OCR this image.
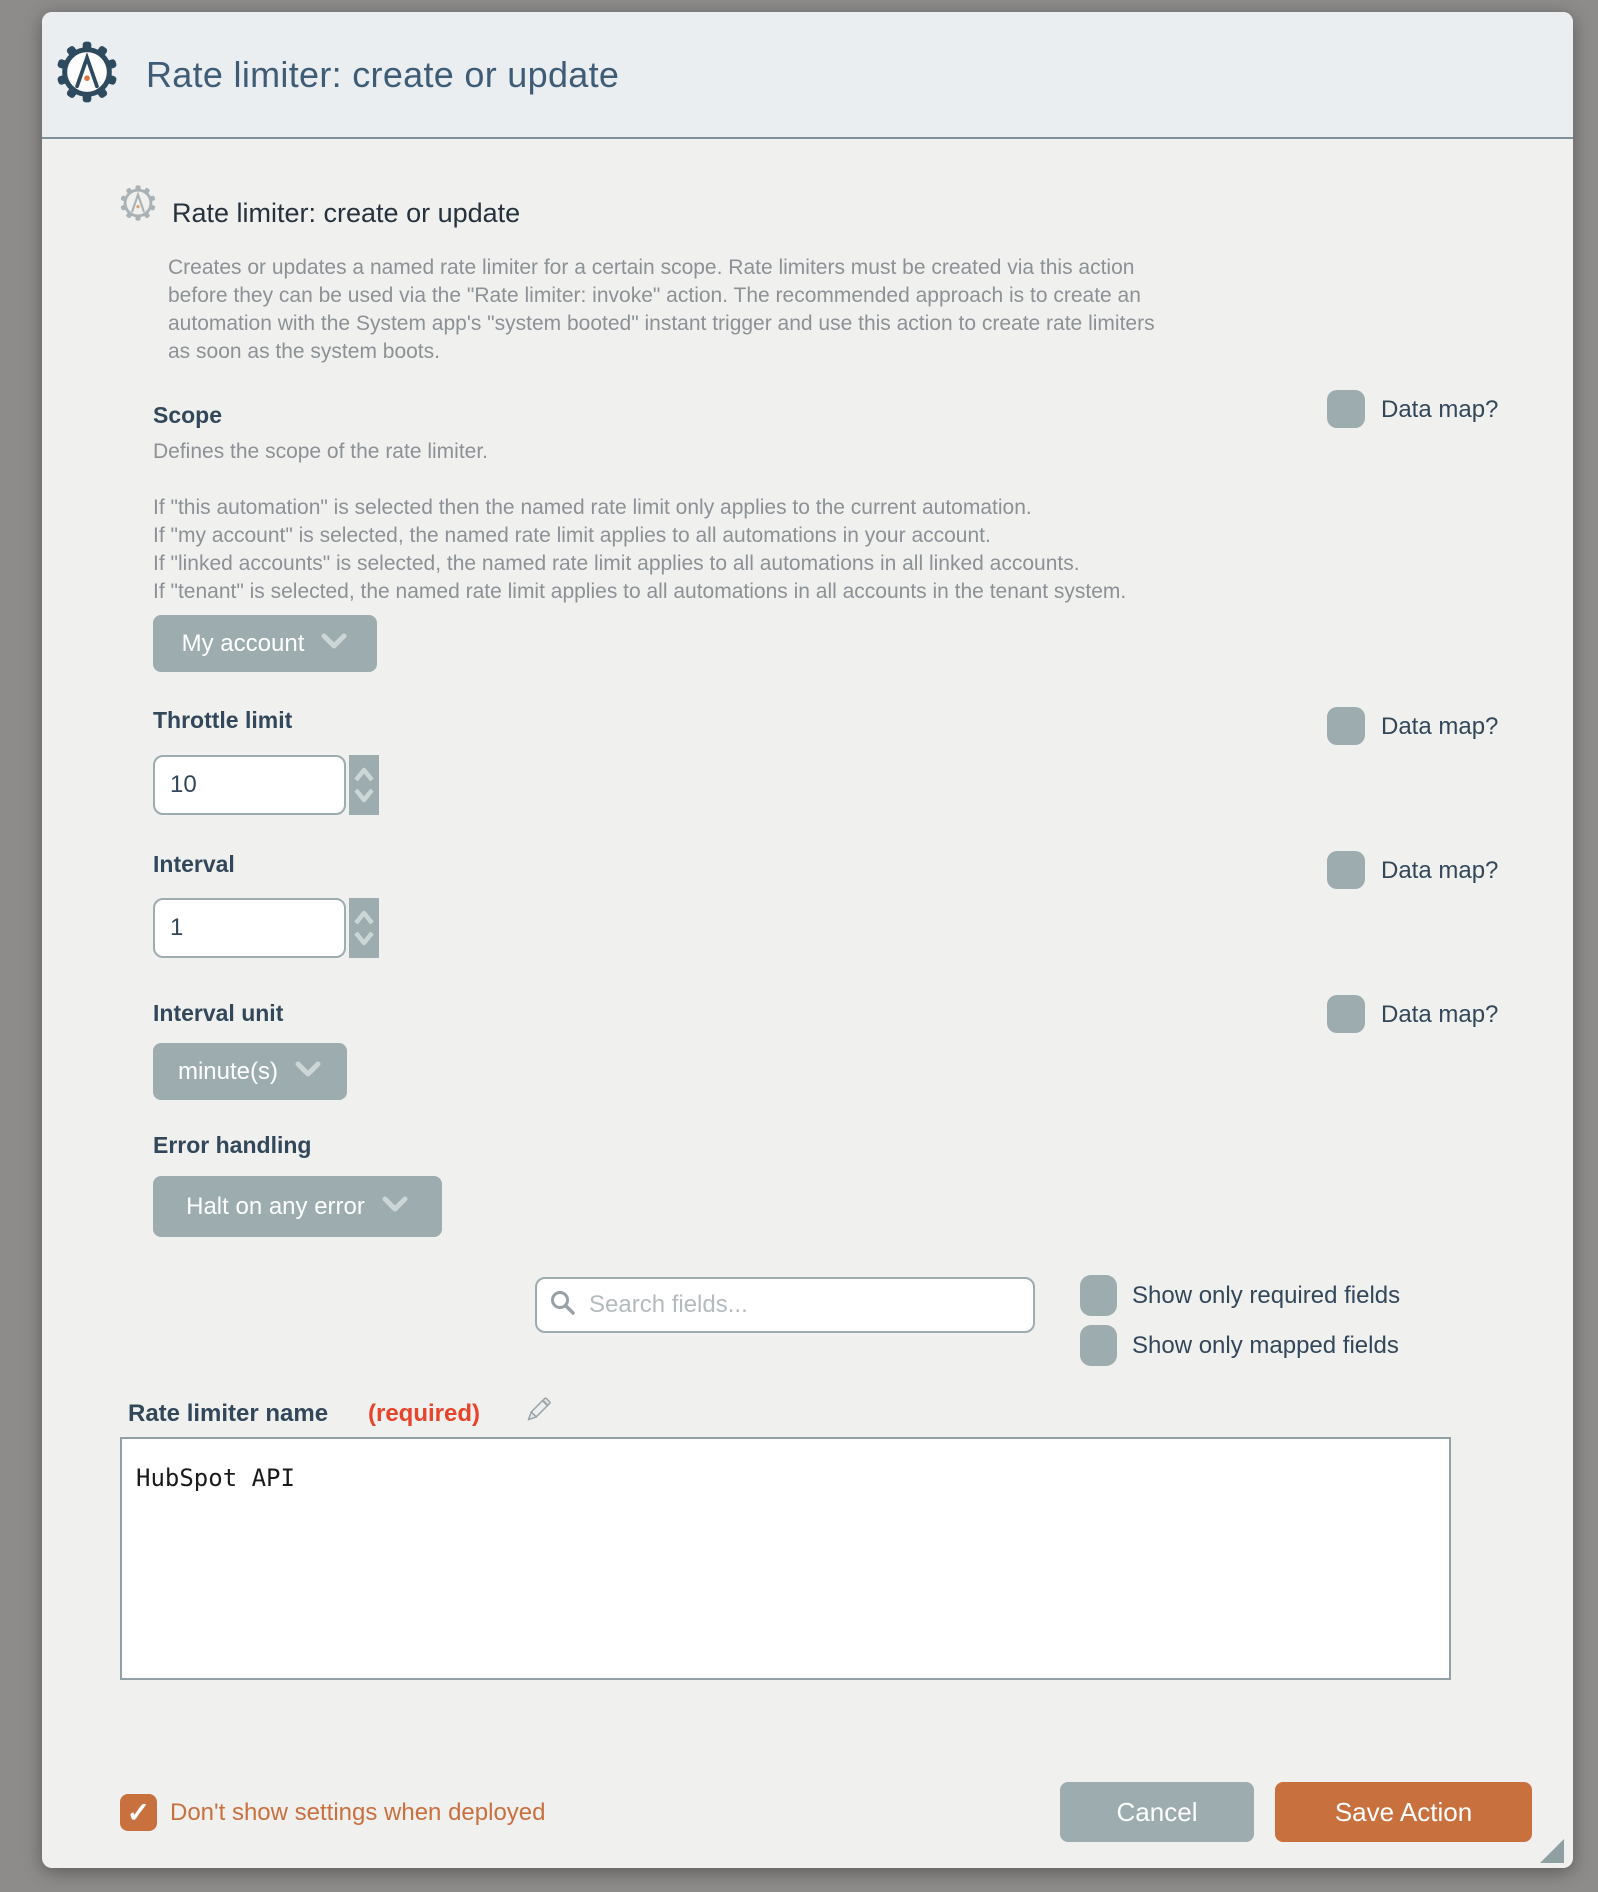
Rate limiter: create or update
Rate limiter: create or update
Creates or updates a named rate limiter for a certain scope. Rate limiters must be created via this action
before they can be used via the "Rate limiter: invoke" action. The recommended approach is to create an
automation with the System app's "system booted" instant trigger and use this action to create rate limiters
as soon as the system boots.
Scope	Data map?
Defines the scope of the rate limiter.
If "this automation" is selected then the named rate limit only applies to the current automation.
If "my account" is selected, the named rate limit applies to all automations in your account.
If "linked accounts" is selected, the named rate limit applies to all automations in all linked accounts.
If "tenant" is selected, the named rate limit applies to all automations in all accounts in the tenant system.
My account
Throttle limit	Data map?
10
Interval	Data map?
1
Interval unit	Data map?
minute(s)
Error handling
Halt on any error
Search fields...
Show only required fields
Show only mapped fields
Rate limiter name (required)
HubSpot API
✓ Don't show settings when deployed	Cancel	Save Action
